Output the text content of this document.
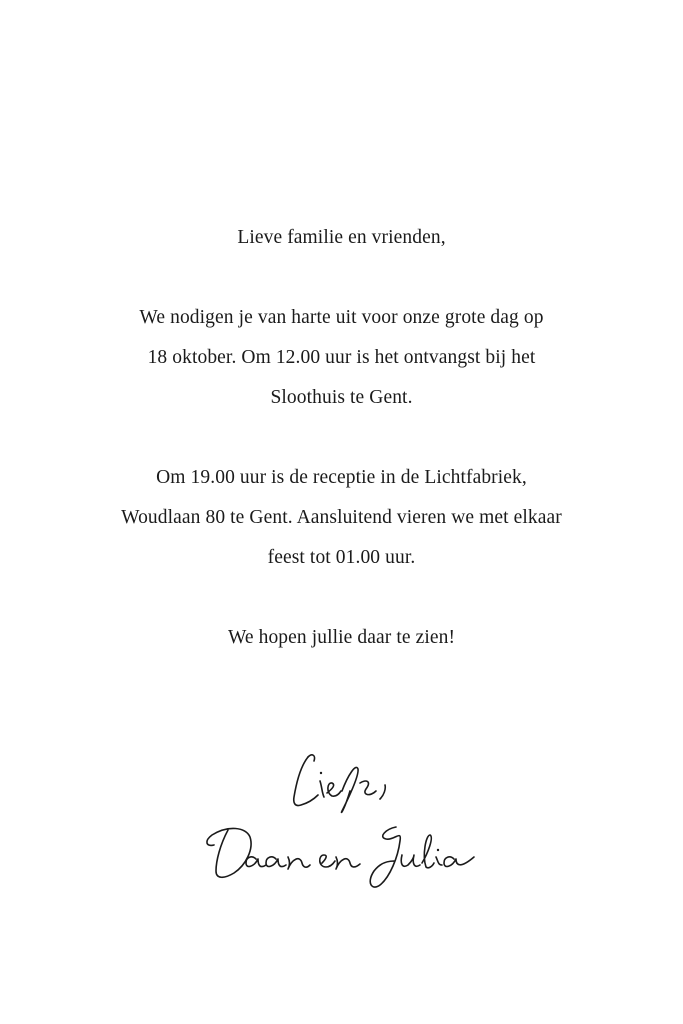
Lieve familie en vrienden,
We nodigen je van harte uit voor onze grote dag op
18 oktober. Om 12.00 uur is het ontvangst bij het
Sloothuis te Gent.
Om 19.00 uur is de receptie in de Lichtfabriek,
Woudlaan 80 te Gent. Aansluitend vieren we met elkaar
feest tot 01.00 uur.
We hopen jullie daar te zien!
